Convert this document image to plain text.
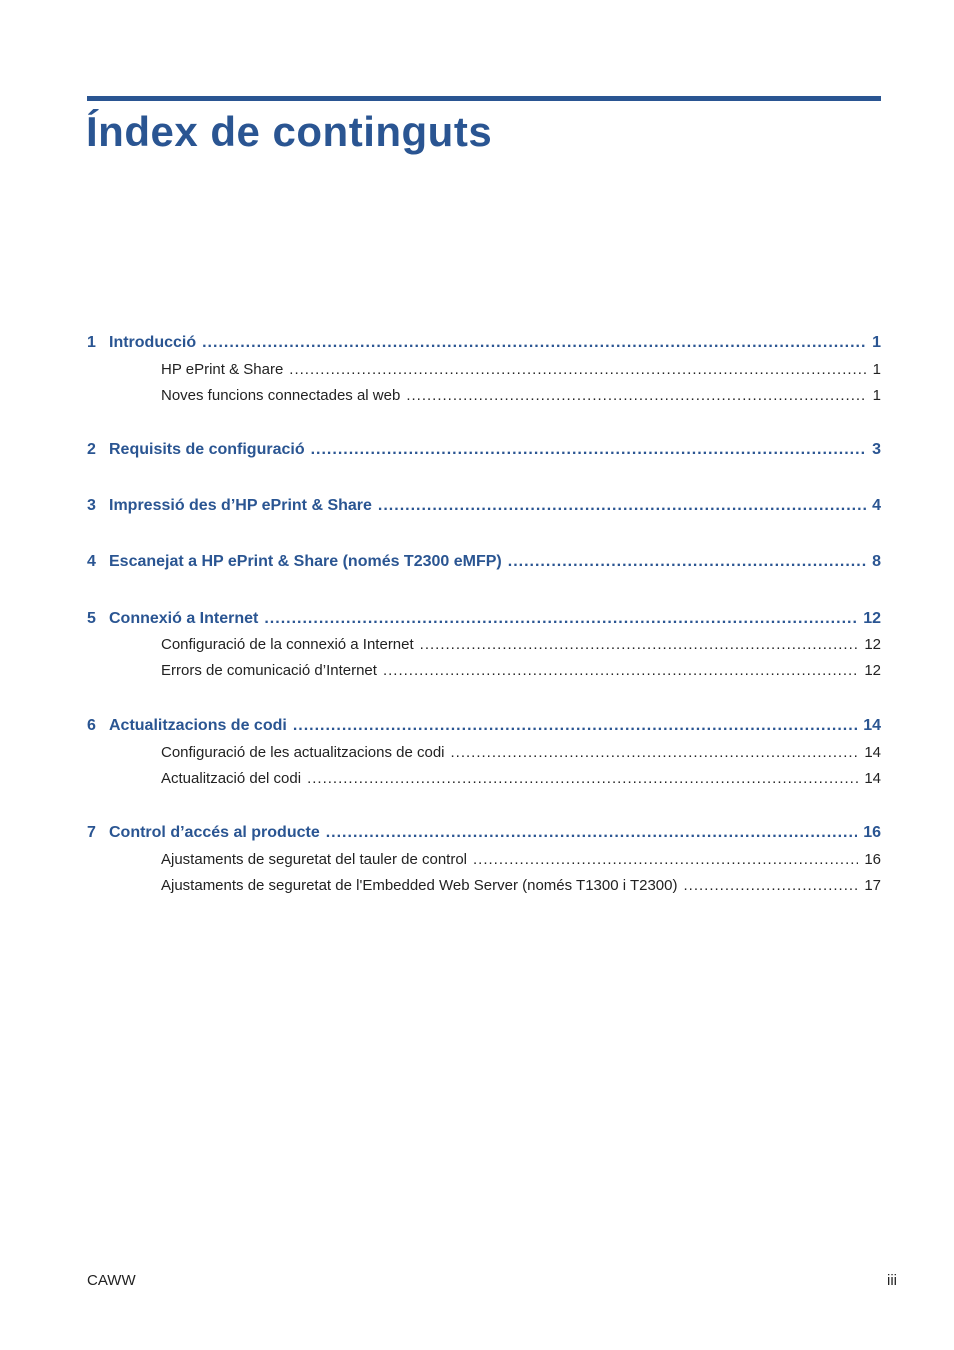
Índex de continguts
1 Introducció .....	1
HP ePrint & Share .....	1
Noves funcions connectades al web .....	1
2 Requisits de configuració .....	3
3 Impressió des d’HP ePrint & Share .....	4
4 Escanejat a HP ePrint & Share (només T2300 eMFP) .....	8
5 Connexió a Internet .....	12
Configuració de la connexió a Internet .....	12
Errors de comunicació d’Internet .....	12
6 Actualitzacions de codi .....	14
Configuració de les actualitzacions de codi .....	14
Actualització del codi .....	14
7 Control d’accés al producte .....	16
Ajustaments de seguretat del tauler de control .....	16
Ajustaments de seguretat de l'Embedded Web Server (només T1300 i T2300) .....	17
CAWW	iii
